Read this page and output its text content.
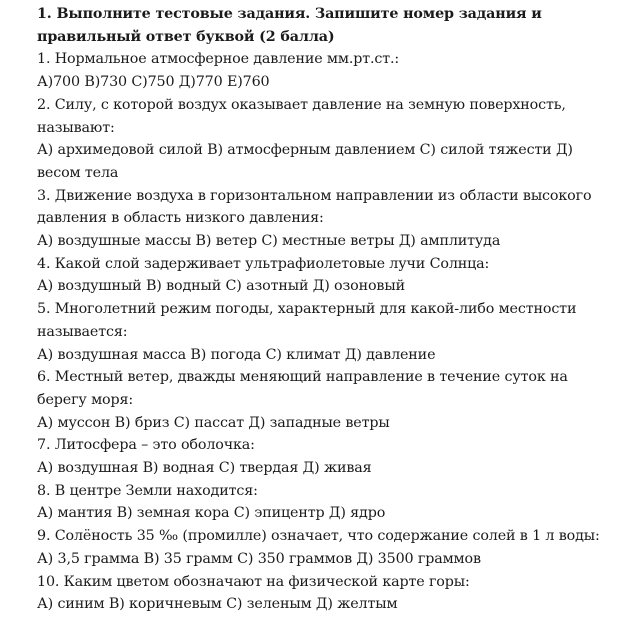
1. Выполните тестовые задания. Запишите номер задания и
правильный ответ буквой (2 балла)
1. Нормальное атмосферное давление мм.рт.ст.:
А)700 В)730 С)750 Д)770 Е)760
2. Силу, с которой воздух оказывает давление на земную поверхность,
называют:
А) архимедовой силой В) атмосферным давлением С) силой тяжести Д)
весом тела
3. Движение воздуха в горизонтальном направлении из области высокого
давления в область низкого давления:
А) воздушные массы В) ветер С) местные ветры Д) амплитуда
4. Какой слой задерживает ультрафиолетовые лучи Солнца:
А) воздушный В) водный С) азотный Д) озоновый
5. Многолетний режим погоды, характерный для какой-либо местности
называется:
А) воздушная масса В) погода С) климат Д) давление
6. Местный ветер, дважды меняющий направление в течение суток на
берегу моря:
А) муссон В) бриз С) пассат Д) западные ветры
7. Литосфера – это оболочка:
А) воздушная В) водная С) твердая Д) живая
8. В центре Земли находится:
А) мантия В) земная кора С) эпицентр Д) ядро
9. Солёность 35 ‰ (промилле) означает, что содержание солей в 1 л воды:
А) 3,5 грамма В) 35 грамм С) 350 граммов Д) 3500 граммов
10. Каким цветом обозначают на физической карте горы:
А) синим В) коричневым С) зеленым Д) желтым
